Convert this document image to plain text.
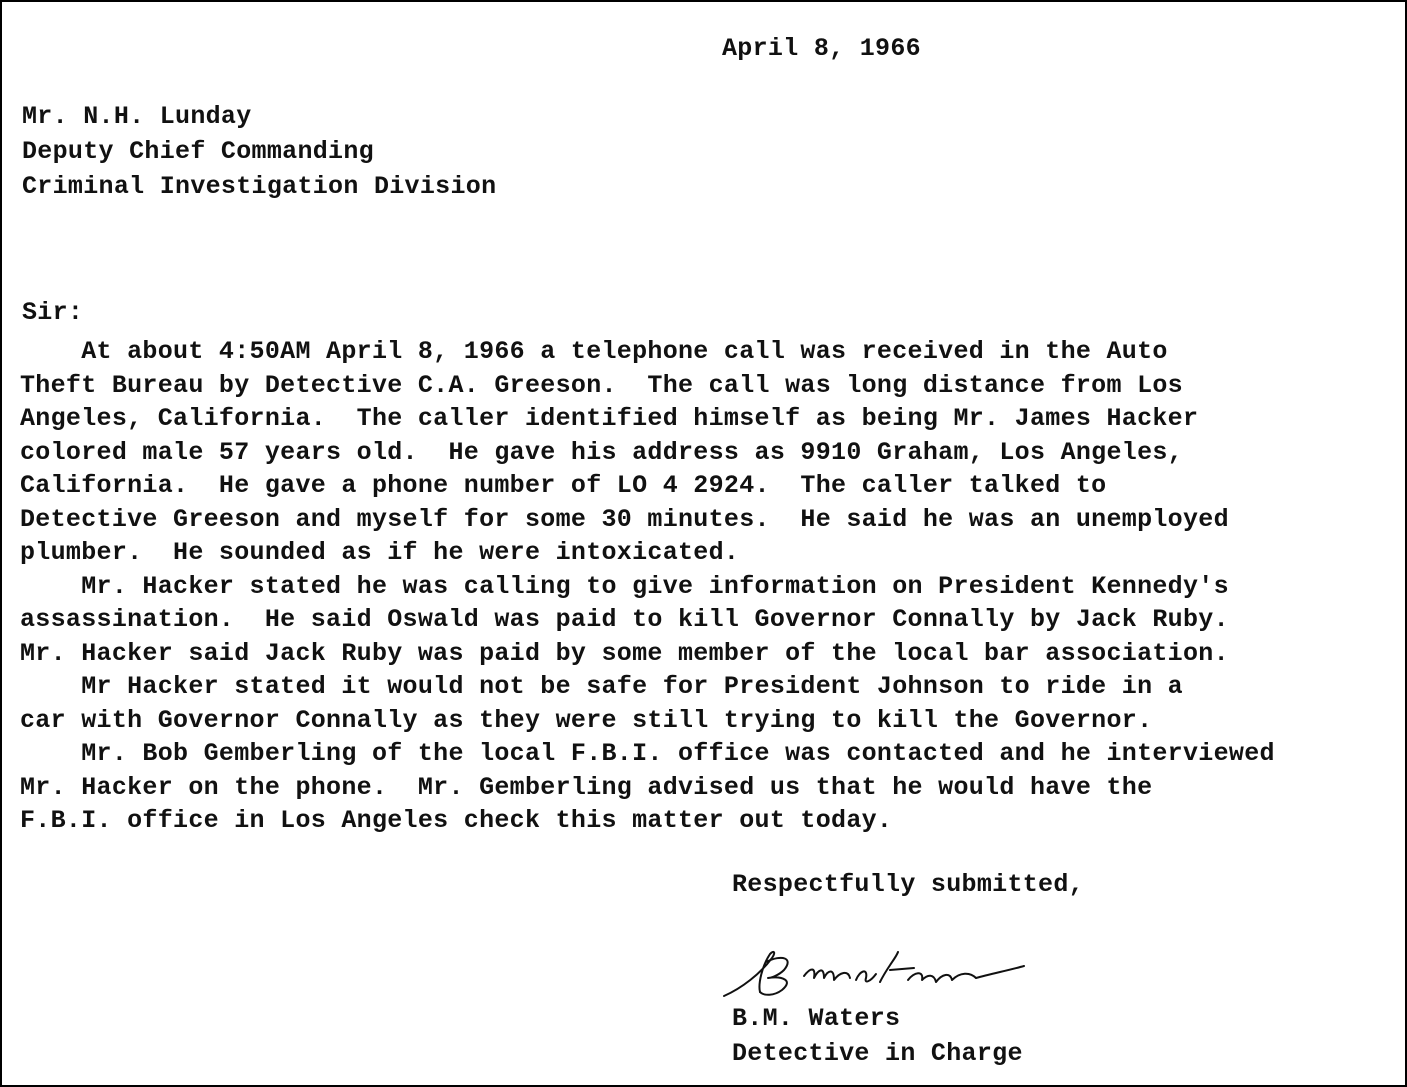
April 8, 1966
Mr. N.H. Lunday
Deputy Chief Commanding
Criminal Investigation Division
Sir:
At about 4:50AM April 8, 1966 a telephone call was received in the Auto
Theft Bureau by Detective C.A. Greeson.  The call was long distance from Los
Angeles, California.  The caller identified himself as being Mr. James Hacker
colored male 57 years old.  He gave his address as 9910 Graham, Los Angeles,
California.  He gave a phone number of LO 4 2924.  The caller talked to
Detective Greeson and myself for some 30 minutes.  He said he was an unemployed
plumber.  He sounded as if he were intoxicated.
Mr. Hacker stated he was calling to give information on President Kennedy's
assassination.  He said Oswald was paid to kill Governor Connally by Jack Ruby.
Mr. Hacker said Jack Ruby was paid by some member of the local bar association.
Mr Hacker stated it would not be safe for President Johnson to ride in a
car with Governor Connally as they were still trying to kill the Governor.
Mr. Bob Gemberling of the local F.B.I. office was contacted and he interviewed
Mr. Hacker on the phone.  Mr. Gemberling advised us that he would have the
F.B.I. office in Los Angeles check this matter out today.
Respectfully submitted,
B.M. Waters
Detective in Charge
